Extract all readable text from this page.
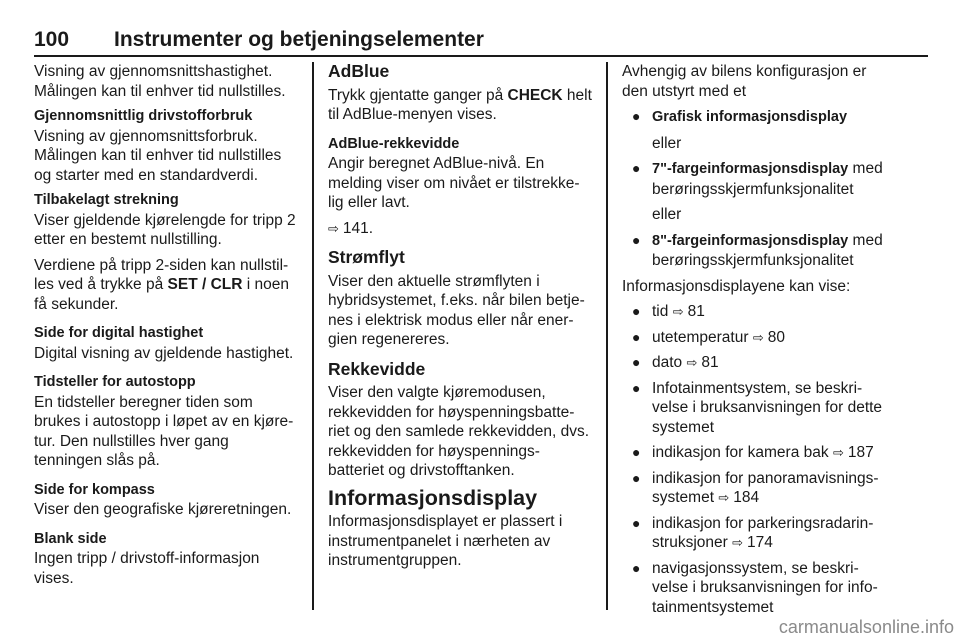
100 Instrumenter og betjeningselementer

Visning av gjennomsnittshastighet. Målingen kan til enhver tid nullstilles.

Gjennomsnittlig drivstofforbruk

Visning av gjennomsnittsforbruk. Målingen kan til enhver tid nullstilles og starter med en standardverdi.

Tilbakelagt strekning

Viser gjeldende kjørelengde for tripp 2 etter en bestemt nullstilling.

Verdiene på tripp 2-siden kan nullstil-les ved å trykke på SET / CLR i noen få sekunder.

Side for digital hastighet

Digital visning av gjeldende hastighet.

Tidsteller for autostopp

En tidsteller beregner tiden som brukes i autostopp i løpet av en kjøre-tur. Den nullstilles hver gang tenningen slås på.

Side for kompass

Viser den geografiske kjøreretningen.

Blank side

Ingen tripp / drivstoff-informasjon vises.

AdBlue

Trykk gjentatte ganger på CHECK helt til AdBlue-menyen vises.

AdBlue-rekkevidde

Angir beregnet AdBlue-nivå. En melding viser om nivået er tilstrekke-lig eller lavt.

⇨ 141.

Strømflyt

Viser den aktuelle strømflyten i hybridsystemet, f.eks. når bilen betje-nes i elektrisk modus eller når ener-gien regenereres.

Rekkevidde

Viser den valgte kjøremodusen, rekkevidden for høyspenningsbatte-riet og den samlede rekkevidden, dvs. rekkevidden for høyspennings-batteriet og drivstofftanken.

Informasjonsdisplay

Informasjonsdisplayet er plassert i instrumentpanelet i nærheten av instrumentgruppen.

Avhengig av bilens konfigurasjon er den utstyrt med et

● Grafisk informasjonsdisplay
eller
● 7"-fargeinformasjonsdisplay med berøringsskjermfunksjonalitet
eller
● 8"-fargeinformasjonsdisplay med berøringsskjermfunksjonalitet

Informasjonsdisplayene kan vise:

● tid ⇨ 81
● utetemperatur ⇨ 80
● dato ⇨ 81
● Infotainmentsystem, se beskri-velse i bruksanvisningen for dette systemet
● indikasjon for kamera bak ⇨ 187
● indikasjon for panoramavisnings-systemet ⇨ 184
● indikasjon for parkeringsradarin-struksjoner ⇨ 174
● navigasjonssystem, se beskri-velse i bruksanvisningen for info-tainmentsystemet
carmanualsonline.info
